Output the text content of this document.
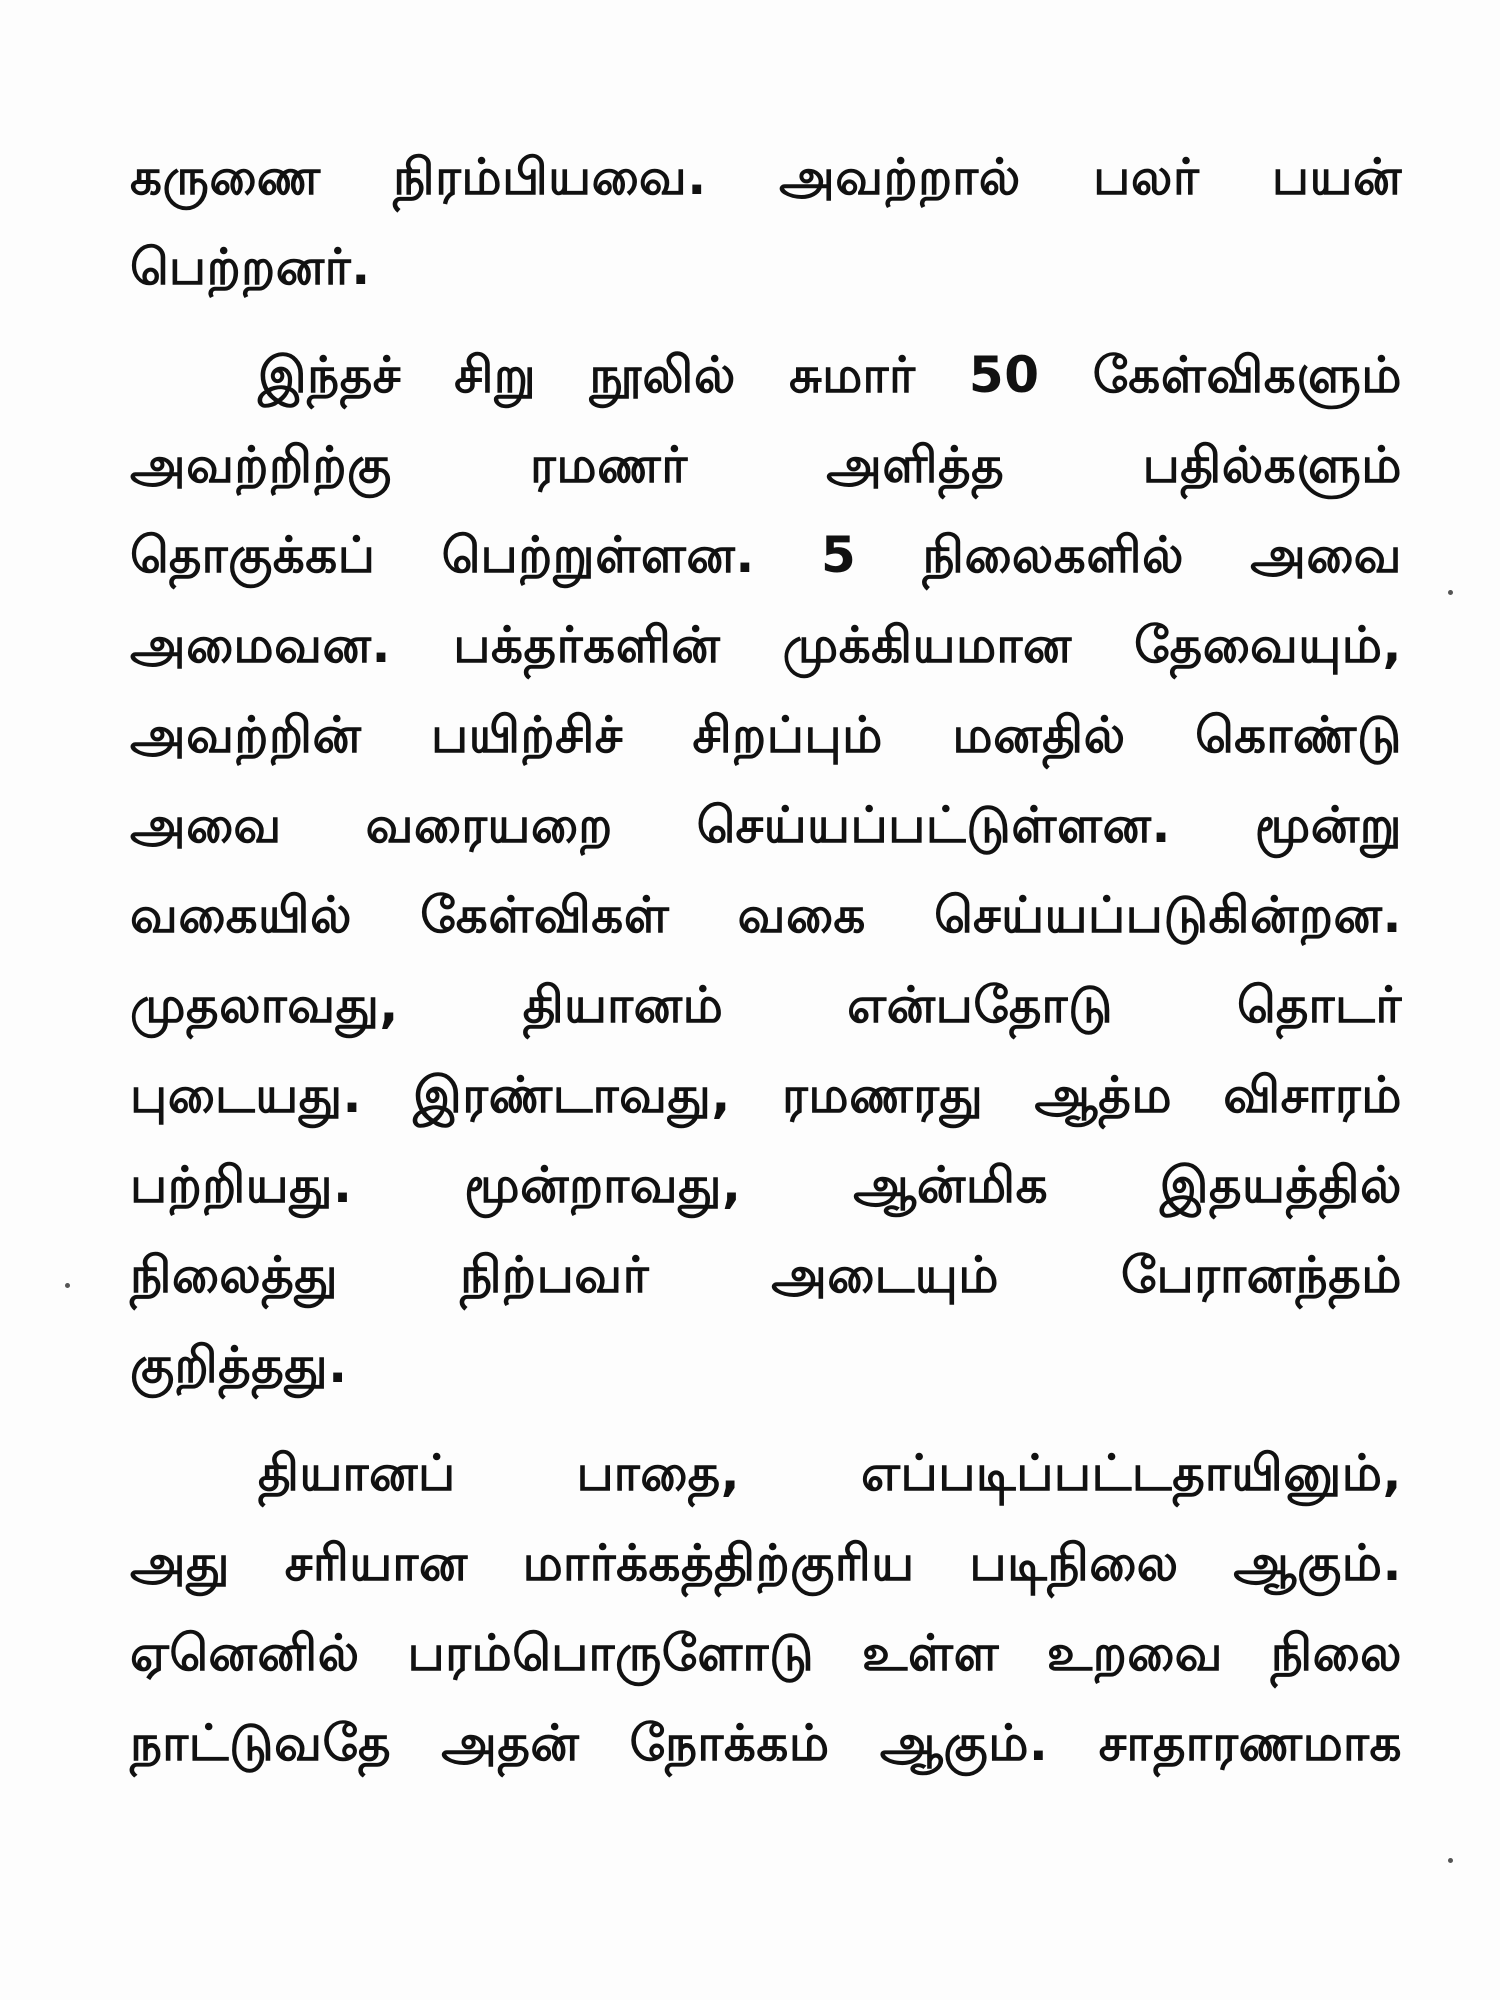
கருணை நிரம்பியவை. அவற்றால் பலர் பயன்
பெற்றனர்.
இந்தச் சிறு நூலில் சுமார் 50 கேள்விகளும்
அவற்றிற்கு	ரமணர்	அளித்த	பதில்களும்
தொகுக்கப் பெற்றுள்ளன. 5 நிலைகளில் அவை
அமைவன. பக்தர்களின் முக்கியமான தேவையும்,
அவற்றின் பயிற்சிச் சிறப்பும் மனதில் கொண்டு
அவை வரையறை செய்யப்பட்டுள்ளன. மூன்று
வகையில் கேள்விகள் வகை செய்யப்படுகின்றன.
முதலாவது, தியானம் என்பதோடு தொடர்
புடையது. இரண்டாவது, ரமணரது ஆத்ம விசாரம்
பற்றியது. மூன்றாவது, ஆன்மிக இதயத்தில்
நிலைத்து நிற்பவர் அடையும் பேரானந்தம்
குறித்தது.
தியானப் பாதை, எப்படிப்பட்டதாயினும்,
அது சரியான மார்க்கத்திற்குரிய படிநிலை ஆகும்.
ஏனெனில் பரம்பொருளோடு உள்ள உறவை நிலை
நாட்டுவதே அதன் நோக்கம் ஆகும். சாதாரணமாக
